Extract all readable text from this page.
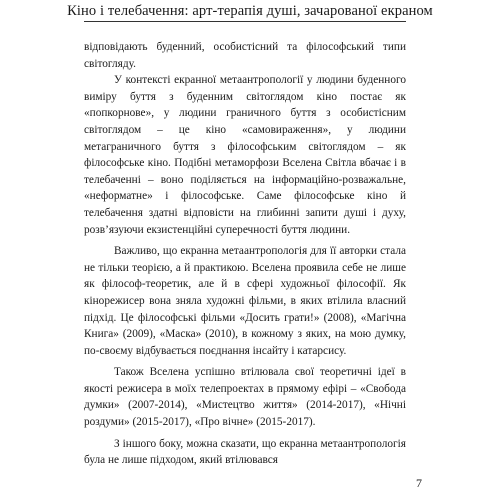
Кіно і телебачення: арт-терапія душі, зачарованої екраном

відповідають буденний, особистісний та філософський типи світогляду.

У контексті екранної метаантропології у людини буденного виміру буття з буденним світоглядом кіно постає як «попкорнове», у людини граничного буття з особистісним світоглядом – це кіно «самовираження», у людини метаграничного буття з філософським світоглядом – як філософське кіно. Подібні метаморфози Вселена Світла вбачає і в телебаченні – воно поділяється на інформаційно-розважальне, «неформатне» і філософське. Саме філософське кіно й телебачення здатні відповісти на глибинні запити душі і духу, розв’язуючи екзистенційні суперечності буття людини.

Важливо, що екранна метаантропологія для її авторки стала не тільки теорією, а й практикою. Вселена проявила себе не лише як філософ-теоретик, але й в сфері художньої філософії. Як кінорежисер вона зняла художні фільми, в яких втілила власний підхід. Це філософські фільми «Досить грати!» (2008), «Магічна Книга» (2009), «Маска» (2010), в кожному з яких, на мою думку, по-своєму відбувається поєднання інсайту і катарсису.

Також Вселена успішно втілювала свої теоретичні ідеї в якості режисера в моїх телепроектах в прямому ефірі – «Свобода думки» (2007-2014), «Мистецтво життя» (2014-2017), «Нічні роздуми» (2015-2017), «Про вічне» (2015-2017).

З іншого боку, можна сказати, що екранна метаантропологія була не лише підходом, який втілювався

7
